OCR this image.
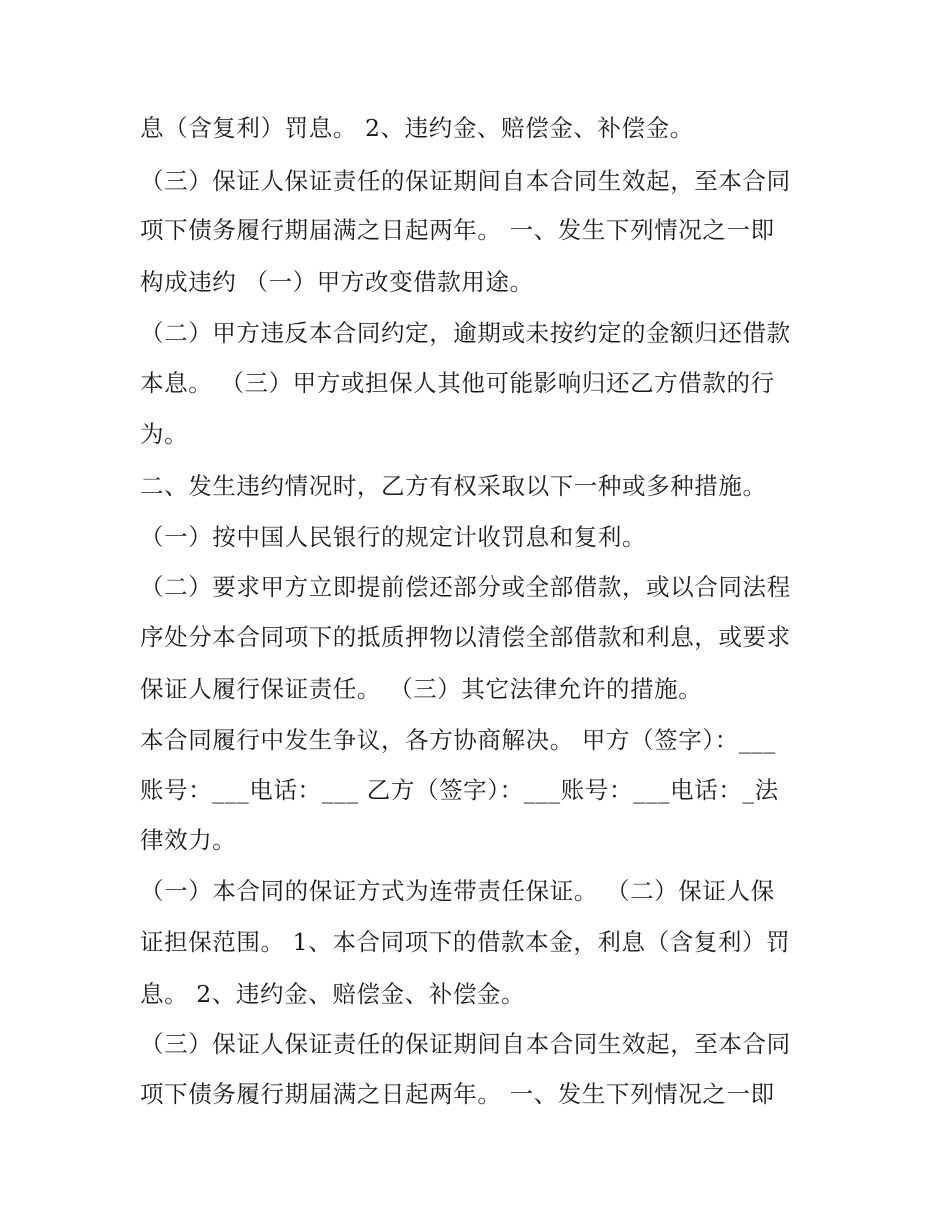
息（含复利）罚息。 2、违约金、赔偿金、补偿金。
（三）保证人保证责任的保证期间自本合同生效起，至本合同
项下债务履行期届满之日起两年。 一、发生下列情况之一即
构成违约 （一）甲方改变借款用途。
（二）甲方违反本合同约定，逾期或未按约定的金额归还借款
本息。 （三）甲方或担保人其他可能影响归还乙方借款的行
为。
二、发生违约情况时，乙方有权采取以下一种或多种措施。
（一）按中国人民银行的规定计收罚息和复利。
（二）要求甲方立即提前偿还部分或全部借款，或以合同法程
序处分本合同项下的抵质押物以清偿全部借款和利息，或要求
保证人履行保证责任。 （三）其它法律允许的措施。
本合同履行中发生争议，各方协商解决。 甲方（签字）：___
账号：___电话：___ 乙方（签字）：___账号：___电话：_法
律效力。
（一）本合同的保证方式为连带责任保证。 （二）保证人保
证担保范围。 1、本合同项下的借款本金，利息（含复利）罚
息。 2、违约金、赔偿金、补偿金。
（三）保证人保证责任的保证期间自本合同生效起，至本合同
项下债务履行期届满之日起两年。 一、发生下列情况之一即
